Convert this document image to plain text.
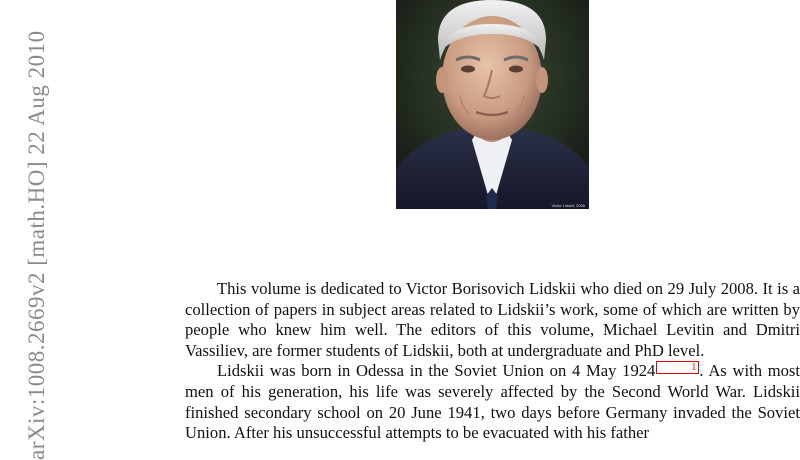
arXiv:1008.2669v2 [math.HO] 22 Aug 2010	Victor Lidskii, 2006

This volume is dedicated to Victor Borisovich Lidskii who died on 29 July 2008. It is a collection of papers in subject areas related to Lidskii’s work, some of which are written by people who knew him well. The editors of this volume, Michael Levitin and Dmitri Vassiliev, are former students of Lidskii, both at undergraduate and PhD level.

Lidskii was born in Odessa in the Soviet Union on 4 May 1924	1 . As with most men of his generation, his life was severely affected by the Second World War. Lidskii finished secondary school on 20 June 1941, two days before Germany invaded the Soviet Union. After his unsuccessful attempts to be evacuated with his father
